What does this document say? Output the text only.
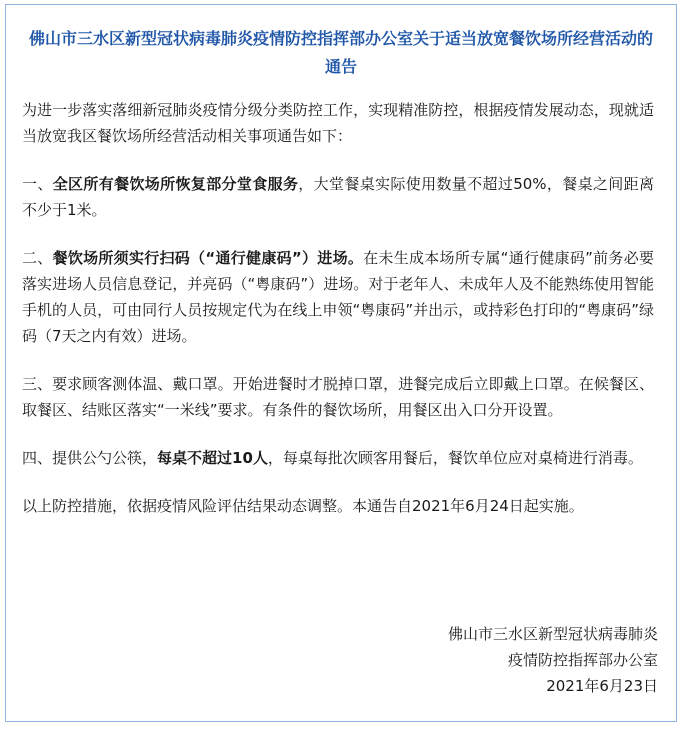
佛山市三水区新型冠状病毒肺炎疫情防控指挥部办公室关于适当放宽餐饮场所经营活动的通告
为进一步落实落细新冠肺炎疫情分级分类防控工作，实现精准防控，根据疫情发展动态，现就适当放宽我区餐饮场所经营活动相关事项通告如下：
一、全区所有餐饮场所恢复部分堂食服务，大堂餐桌实际使用数量不超过50%，餐桌之间距离不少于1米。
二、餐饮场所须实行扫码（“通行健康码”）进场。在未生成本场所专属“通行健康码”前务必要落实进场人员信息登记，并亮码（“粤康码”）进场。对于老年人、未成年人及不能熟练使用智能手机的人员，可由同行人员按规定代为在线上申领“粤康码”并出示，或持彩色打印的“粤康码”绿码（7天之内有效）进场。
三、要求顾客测体温、戴口罩。开始进餐时才脱掉口罩，进餐完成后立即戴上口罩。在候餐区、取餐区、结账区落实“一米线”要求。有条件的餐饮场所，用餐区出入口分开设置。
四、提供公勺公筷，每桌不超过10人，每桌每批次顾客用餐后，餐饮单位应对桌椅进行消毒。
以上防控措施，依据疫情风险评估结果动态调整。本通告自2021年6月24日起实施。
佛山市三水区新型冠状病毒肺炎
疫情防控指挥部办公室
2021年6月23日
